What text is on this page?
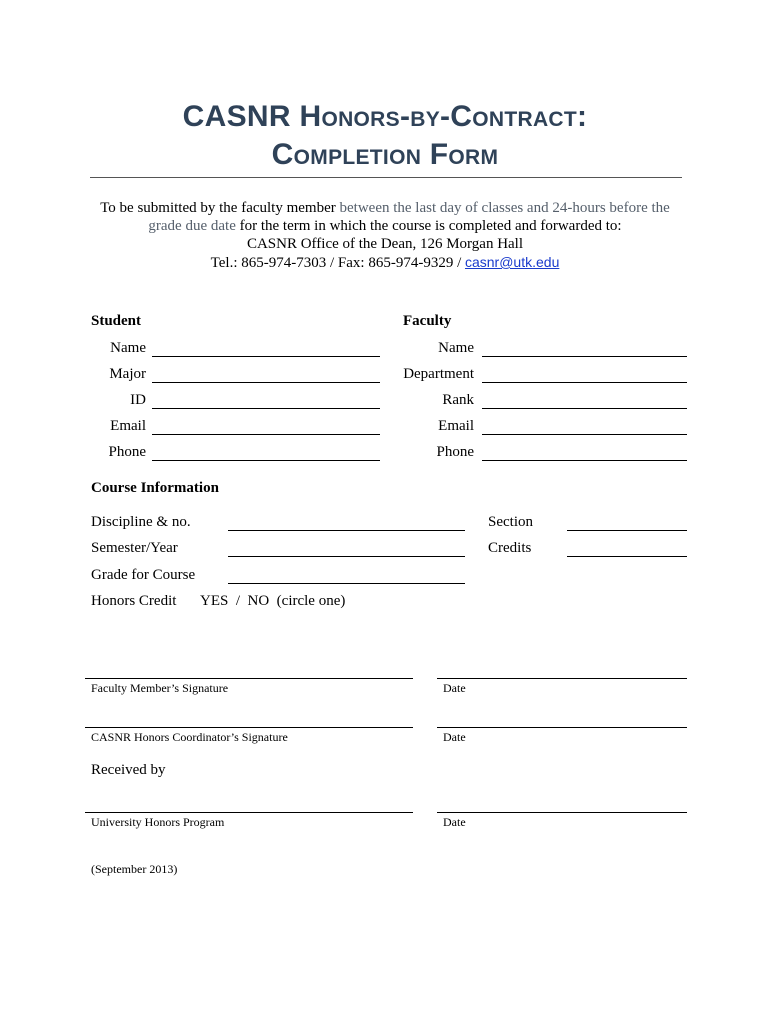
CASNR Honors-by-Contract:
Completion Form
To be submitted by the faculty member between the last day of classes and 24-hours before the
grade due date for the term in which the course is completed and forwarded to:
CASNR Office of the Dean, 126 Morgan Hall
Tel.: 865-974-7303 / Fax: 865-974-9329 / casnr@utk.edu
Student
Name
Major
ID
Email
Phone
Faculty
Name
Department
Rank
Email
Phone
Course Information
Discipline & no.	Section
Semester/Year	Credits
Grade for Course
Honors Credit YES  /  NO  (circle one)
Faculty Member’s Signature	Date
CASNR Honors Coordinator’s Signature	Date
Received by
University Honors Program	Date
(September 2013)
